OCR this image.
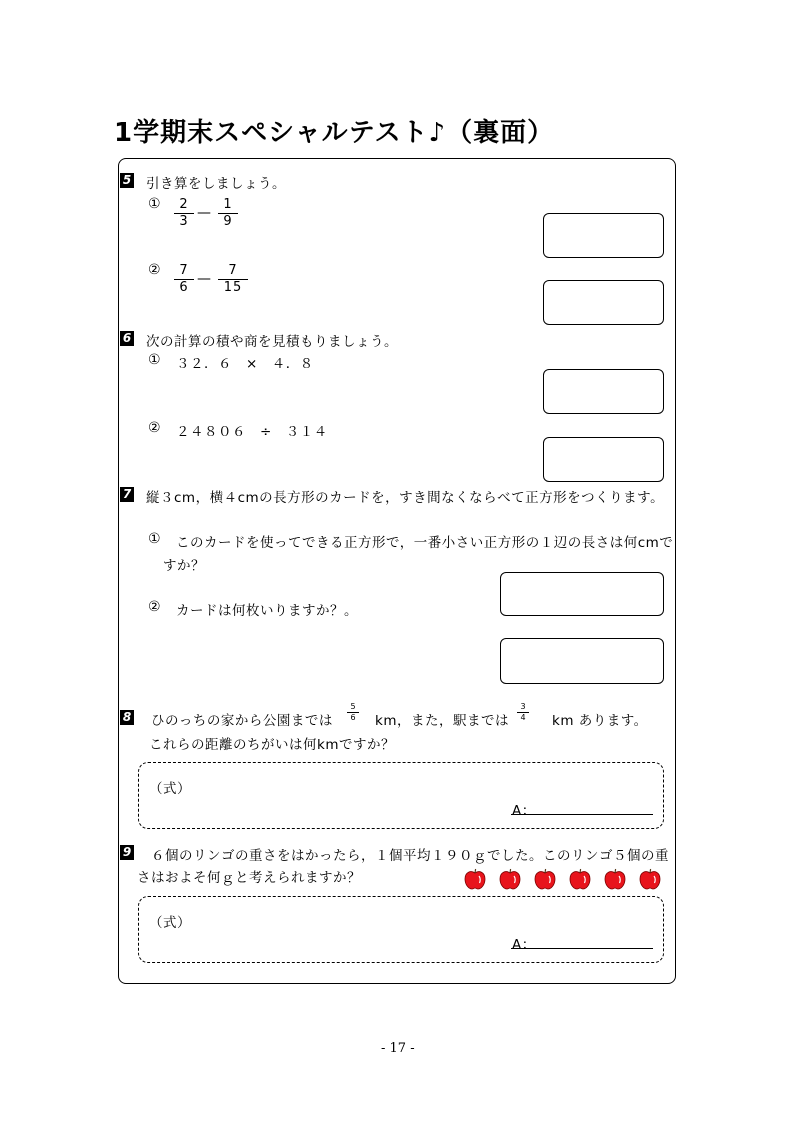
1学期末スペシャルテスト♪（裏面）
5 引き算をしましょう。
① $\frac{2}{3}$ — $\frac{1}{9}$
② $\frac{7}{6}$ — $\frac{7}{15}$
6 次の計算の積や商を見積もりましょう。
① ３２．６　×　４．８
② ２４８０６　÷　３１４
7 縦３cm，横４cmの長方形のカードを，すき間なくならべて正方形をつくります。
① このカードを使ってできる正方形で，一番小さい正方形の１辺の長さは何cmで
すか？
② カードは何枚いりますか？。
8 ひのっちの家から公園までは $\frac{5}{6}$ km，また，駅までは $\frac{3}{4}$ km あります。
これらの距離のちがいは何kmですか？
（式）
A：
9 ６個のリンゴの重さをはかったら，１個平均１９０ｇでした。このリンゴ５個の重
さはおよそ何ｇと考えられますか？
（式）
A：
- 17 -
